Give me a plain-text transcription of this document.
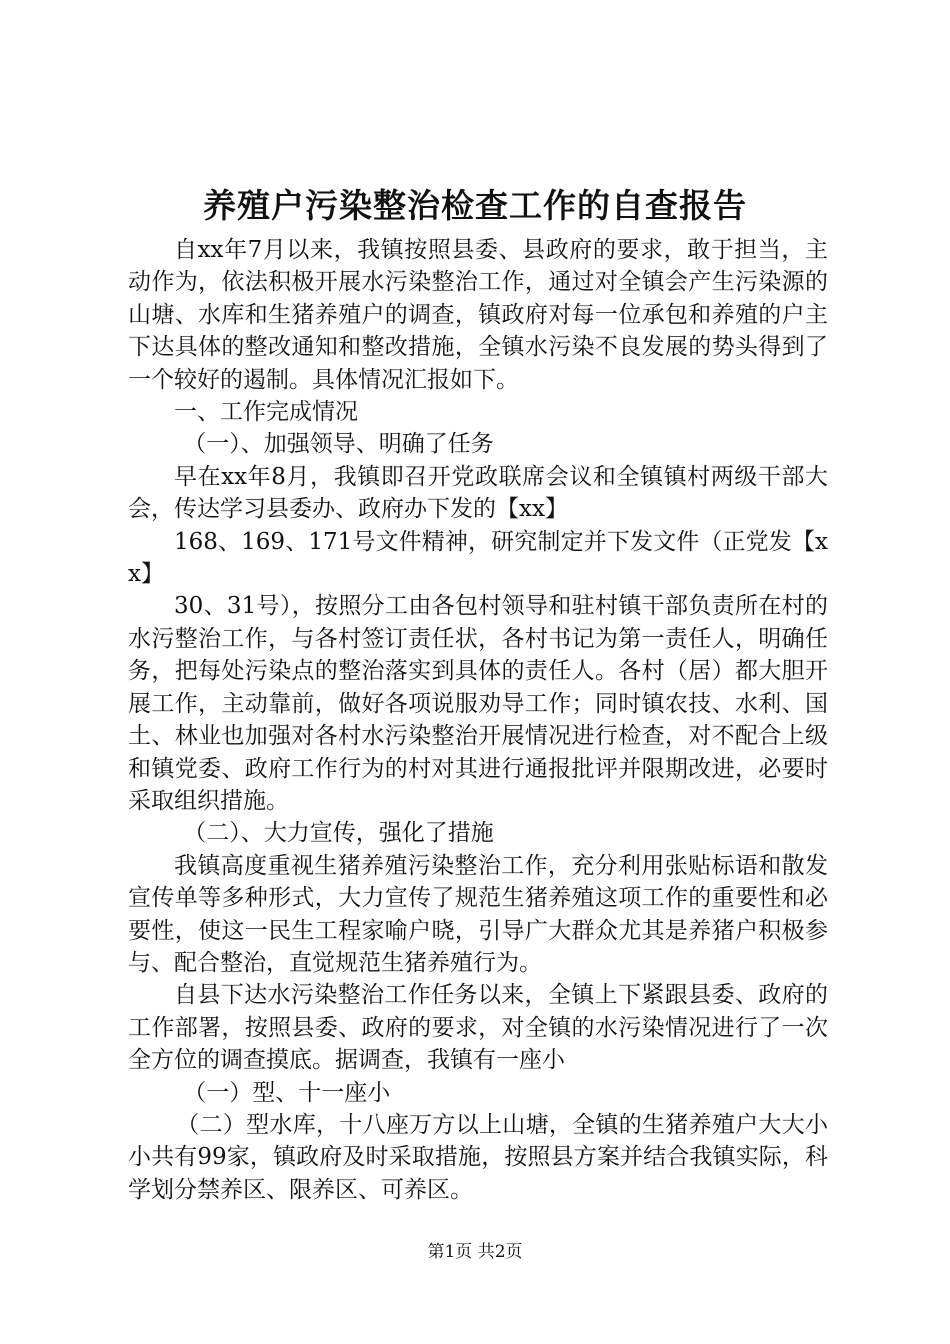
养殖户污染整治检查工作的自查报告

自xx年7月以来，我镇按照县委、县政府的要求，敢于担当，主动作为，依法积极开展水污染整治工作，通过对全镇会产生污染源的山塘、水库和生猪养殖户的调查，镇政府对每一位承包和养殖的户主下达具体的整改通知和整改措施，全镇水污染不良发展的势头得到了一个较好的遏制。具体情况汇报如下。

一、工作完成情况

（一）、加强领导、明确了任务

早在xx年8月，我镇即召开党政联席会议和全镇镇村两级干部大会，传达学习县委办、政府办下发的【xx】

168、169、171号文件精神，研究制定并下发文件（正党发【xx】

30、31号），按照分工由各包村领导和驻村镇干部负责所在村的水污整治工作，与各村签订责任状，各村书记为第一责任人，明确任务，把每处污染点的整治落实到具体的责任人。各村（居）都大胆开展工作，主动靠前，做好各项说服劝导工作；同时镇农技、水利、国土、林业也加强对各村水污染整治开展情况进行检查，对不配合上级和镇党委、政府工作行为的村对其进行通报批评并限期改进，必要时采取组织措施。

（二）、大力宣传，强化了措施

我镇高度重视生猪养殖污染整治工作，充分利用张贴标语和散发宣传单等多种形式，大力宣传了规范生猪养殖这项工作的重要性和必要性，使这一民生工程家喻户晓，引导广大群众尤其是养猪户积极参与、配合整治，直觉规范生猪养殖行为。

自县下达水污染整治工作任务以来，全镇上下紧跟县委、政府的工作部署，按照县委、政府的要求，对全镇的水污染情况进行了一次全方位的调查摸底。据调查，我镇有一座小

（一）型、十一座小

（二）型水库，十八座万方以上山塘，全镇的生猪养殖户大大小小共有99家，镇政府及时采取措施，按照县方案并结合我镇实际，科学划分禁养区、限养区、可养区。

第1页 共2页
